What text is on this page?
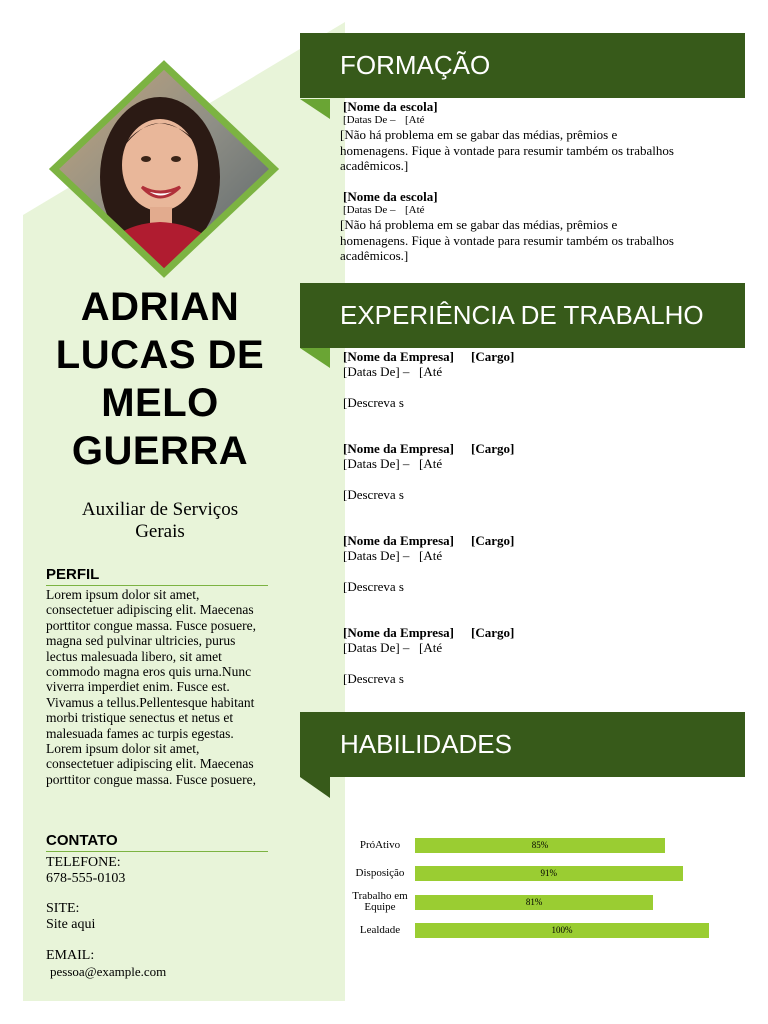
ADRIAN
LUCAS DE
MELO
GUERRA
Auxiliar de Serviços
Gerais
PERFIL
Lorem ipsum dolor sit amet, consectetuer adipiscing elit. Maecenas porttitor congue massa. Fusce posuere, magna sed pulvinar ultricies, purus lectus malesuada libero, sit amet commodo magna eros quis urna.Nunc viverra imperdiet enim. Fusce est. Vivamus a tellus.Pellentesque habitant morbi tristique senectus et netus et malesuada fames ac turpis egestas. Lorem ipsum dolor sit amet, consectetuer adipiscing elit. Maecenas porttitor congue massa. Fusce posuere,
CONTATO
TELEFONE:
678-555-0103
SITE:
Site aqui
EMAIL:
pessoa@example.com
FORMAÇÃO
[Nome da escola]
[Datas De – [Até
[Não há problema em se gabar das médias, prêmios e
homenagens. Fique à vontade para resumir também os trabalhos
acadêmicos.]
[Nome da escola]
[Datas De – [Até
[Não há problema em se gabar das médias, prêmios e
homenagens. Fique à vontade para resumir também os trabalhos
acadêmicos.]
EXPERIÊNCIA DE TRABALHO
[Nome da Empresa]	[Cargo]
[Datas De] – [Até
[Descreva s
[Nome da Empresa]	[Cargo]
[Datas De] – [Até
[Descreva s
[Nome da Empresa]	[Cargo]
[Datas De] – [Até
[Descreva s
[Nome da Empresa]	[Cargo]
[Datas De] – [Até
[Descreva s
HABILIDADES
PróAtivo	85%
Disposição	91%
Trabalho em
Equipe	81%
Lealdade	100%
